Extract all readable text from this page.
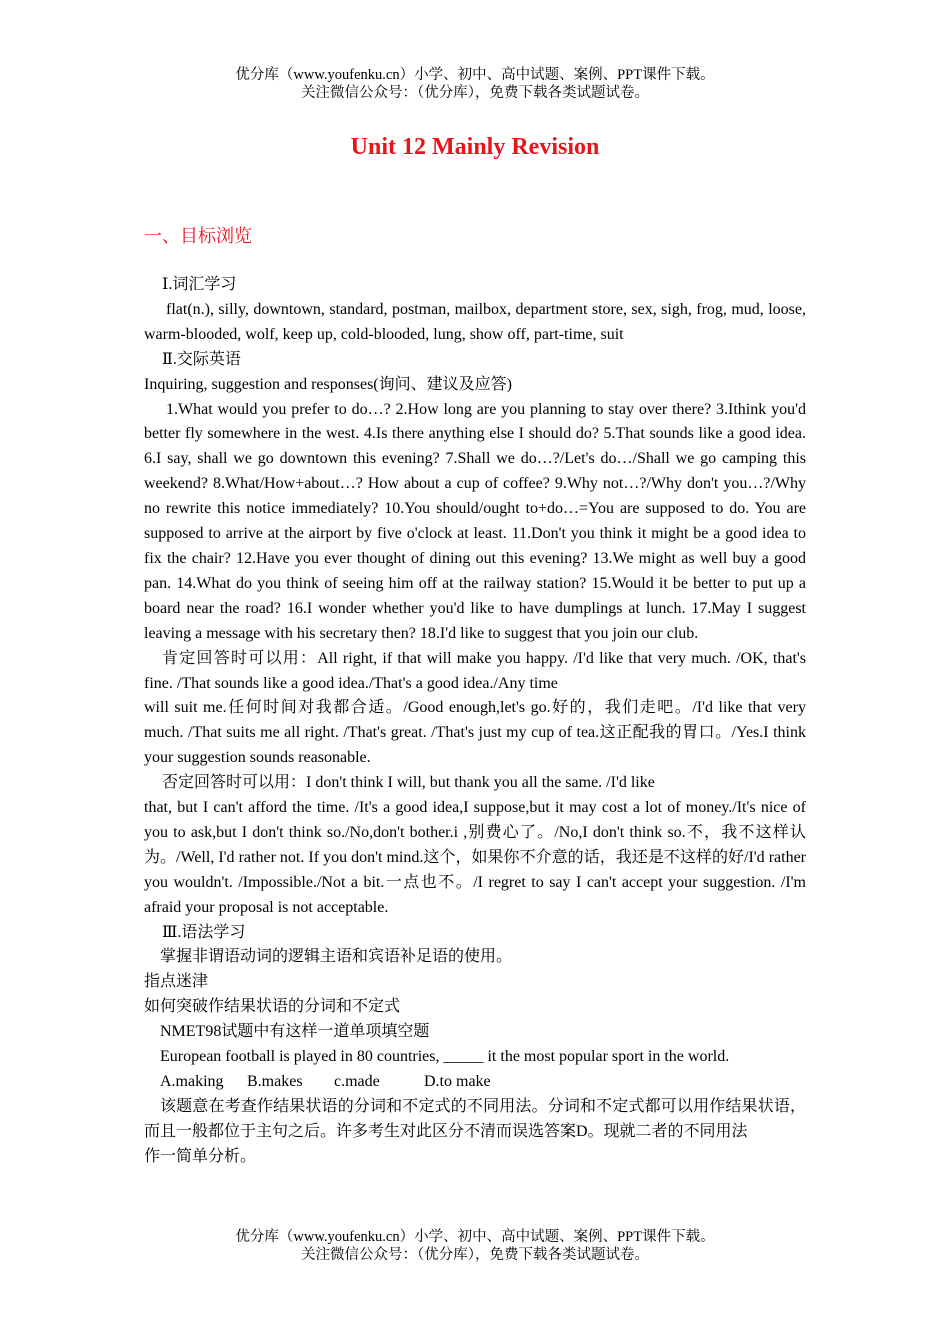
优分库（www.youfenku.cn）小学、初中、高中试题、案例、PPT课件下载。
关注微信公众号：（优分库），免费下载各类试题试卷。
Unit 12 Mainly Revision
一、目标浏览

Ⅰ.词汇学习

flat(n.), silly, downtown, standard, postman, mailbox, department store, sex, sigh, frog, mud, loose, warm-blooded, wolf, keep up, cold-blooded, lung, show off, part-time, suit

Ⅱ.交际英语

Inquiring, suggestion and responses(询问、建议及应答)

1.What would you prefer to do…? 2.How long are you planning to stay over there? 3.Ithink you'd better fly somewhere in the west. 4.Is there anything else I should do? 5.That sounds like a good idea. 6.I say, shall we go downtown this evening? 7.Shall we do…?/Let's do…/Shall we go camping this weekend? 8.What/How+about…? How about a cup of coffee? 9.Why not…?/Why don't you…?/Why no rewrite this notice immediately? 10.You should/ought to+do…=You are supposed to do. You are supposed to arrive at the airport by five o'clock at least. 11.Don't you think it might be a good idea to fix the chair? 12.Have you ever thought of dining out this evening? 13.We might as well buy a good pan. 14.What do you think of seeing him off at the railway station? 15.Would it be better to put up a board near the road? 16.I wonder whether you'd like to have dumplings at lunch. 17.May I suggest leaving a message with his secretary then? 18.I'd like to suggest that you join our club.

肯定回答时可以用：All right, if that will make you happy. /I'd like that very much. /OK, that's fine. /That sounds like a good idea./That's a good idea./Any time

will suit me.任何时间对我都合适。/Good enough,let's go.好的，我们走吧。/I'd like that very much. /That suits me all right. /That's great. /That's just my cup of tea.这正配我的胃口。/Yes.I think your suggestion sounds reasonable.

否定回答时可以用：I don't think I will, but thank you all the same. /I'd like

that, but I can't afford the time. /It's a good idea,I suppose,but it may cost a lot of money./It's nice of you to ask,but I don't think so./No,don't bother.i ,别费心了。/No,I don't think so.不，我不这样认为。/Well, I'd rather not. If you don't mind.这个，如果你不介意的话，我还是不这样的好/I'd rather you wouldn't. /Impossible./Not a bit.一点也不。/I regret to say I can't accept your suggestion. /I'm afraid your proposal is not acceptable.

Ⅲ.语法学习

掌握非谓语动词的逻辑主语和宾语补足语的使用。

指点迷津

如何突破作结果状语的分词和不定式

NMET98试题中有这样一道单项填空题

European football is played in 80 countries, _____ it the most popular sport in the world.

A.making B.makes c.made	D.to make

该题意在考查作结果状语的分词和不定式的不同用法。分词和不定式都可以用作结果状语，而且一般都位于主句之后。许多考生对此区分不清而误选答案D。现就二者的不同用法

作一简单分析。

优分库（www.youfenku.cn）小学、初中、高中试题、案例、PPT课件下载。
关注微信公众号：（优分库），免费下载各类试题试卷。
